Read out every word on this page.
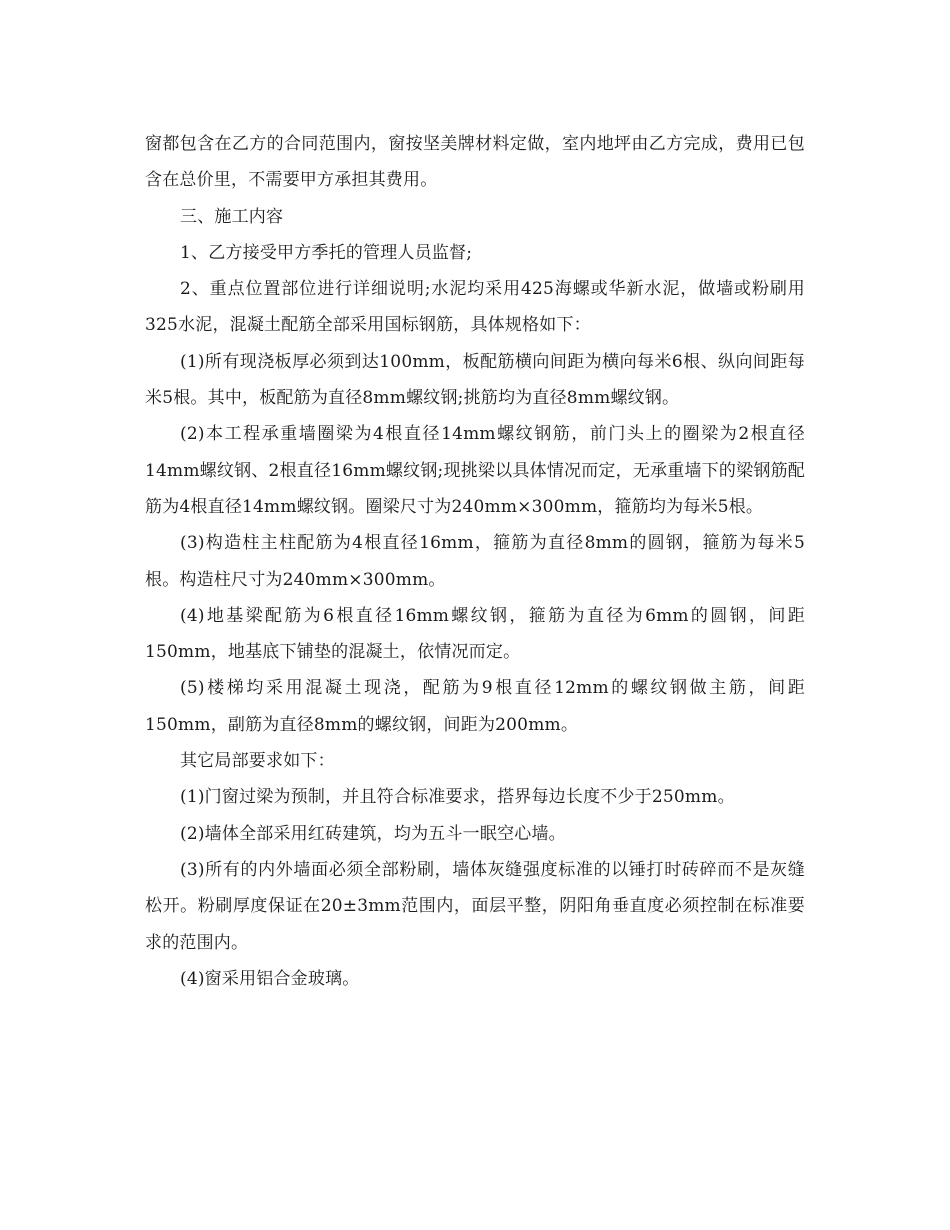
窗都包含在乙方的合同范围内，窗按坚美牌材料定做，室内地坪由乙方完成，费用已包含在总价里，不需要甲方承担其费用。

三、施工内容

1、乙方接受甲方季托的管理人员监督;

2、重点位置部位进行详细说明;水泥均采用425海螺或华新水泥，做墙或粉刷用325水泥，混凝土配筋全部采用国标钢筋，具体规格如下：

(1)所有现浇板厚必须到达100mm，板配筋横向间距为横向每米6根、纵向间距每米5根。其中，板配筋为直径8mm螺纹钢;挑筋均为直径8mm螺纹钢。

(2)本工程承重墙圈梁为4根直径14mm螺纹钢筋，前门头上的圈梁为2根直径14mm螺纹钢、2根直径16mm螺纹钢;现挑梁以具体情况而定，无承重墙下的梁钢筋配筋为4根直径14mm螺纹钢。圈梁尺寸为240mm×300mm，箍筋均为每米5根。

(3)构造柱主柱配筋为4根直径16mm，箍筋为直径8mm的圆钢，箍筋为每米5根。构造柱尺寸为240mm×300mm。

(4)地基梁配筋为6根直径16mm螺纹钢，箍筋为直径为6mm的圆钢，间距150mm，地基底下铺垫的混凝土，依情况而定。

(5)楼梯均采用混凝土现浇，配筋为9根直径12mm的螺纹钢做主筋，间距150mm，副筋为直径8mm的螺纹钢，间距为200mm。

其它局部要求如下：

(1)门窗过梁为预制，并且符合标准要求，搭界每边长度不少于250mm。

(2)墙体全部采用红砖建筑，均为五斗一眠空心墙。

(3)所有的内外墙面必须全部粉刷，墙体灰缝强度标准的以锤打时砖碎而不是灰缝松开。粉刷厚度保证在20±3mm范围内，面层平整，阴阳角垂直度必须控制在标准要求的范围内。

(4)窗采用铝合金玻璃。
